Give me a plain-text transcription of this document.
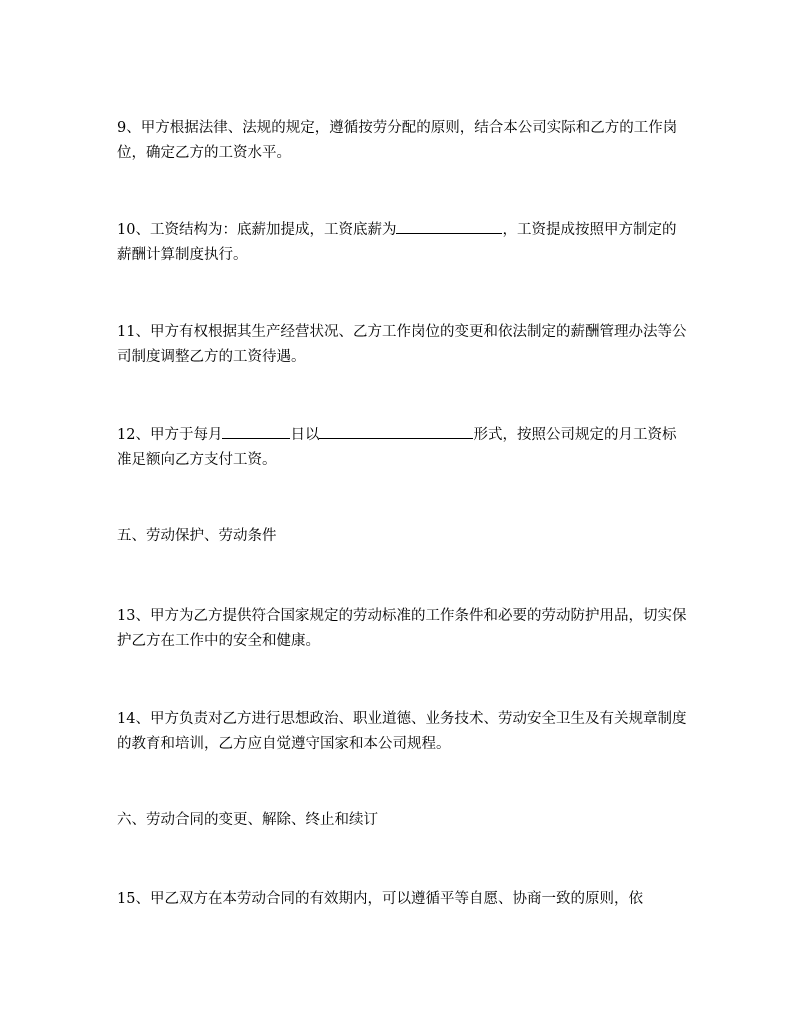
9、甲方根据法律、法规的规定，遵循按劳分配的原则，结合本公司实际和乙方的工作岗位，确定乙方的工资水平。

10、工资结构为：底薪加提成，工资底薪为	，工资提成按照甲方制定的薪酬计算制度执行。

11、甲方有权根据其生产经营状况、乙方工作岗位的变更和依法制定的薪酬管理办法等公司制度调整乙方的工资待遇。

12、甲方于每月	日以	形式，按照公司规定的月工资标准足额向乙方支付工资。

五、劳动保护、劳动条件

13、甲方为乙方提供符合国家规定的劳动标准的工作条件和必要的劳动防护用品，切实保护乙方在工作中的安全和健康。

14、甲方负责对乙方进行思想政治、职业道德、业务技术、劳动安全卫生及有关规章制度的教育和培训，乙方应自觉遵守国家和本公司规程。

六、劳动合同的变更、解除、终止和续订

15、甲乙双方在本劳动合同的有效期内，可以遵循平等自愿、协商一致的原则，依
